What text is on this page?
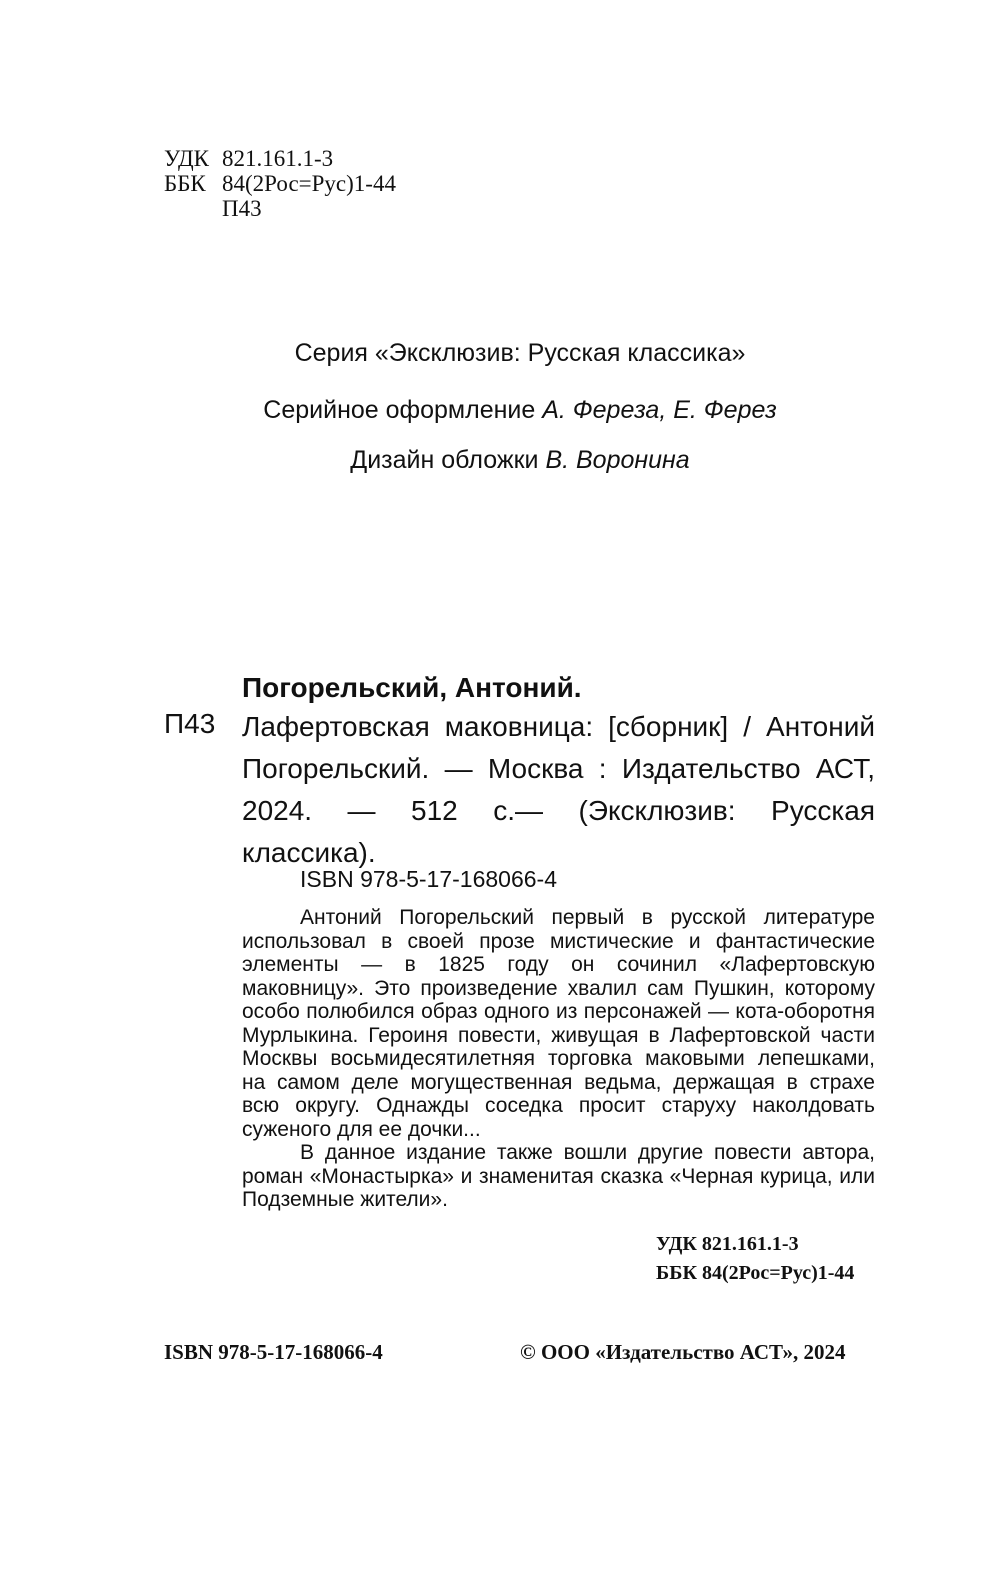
УДК 821.161.1-3
ББК 84(2Рос=Рус)1-44
П43
Серия «Эксклюзив: Русская классика»
Серийное оформление А. Фереза, Е. Ферез
Дизайн обложки В. Воронина
Погорельский, Антоний.
П43 Лафертовская маковница: [сборник] / Антоний Погорельский. — Москва : Издательство АСТ, 2024. — 512 с.— (Эксклюзив: Русская
классика).
ISBN 978-5-17-168066-4

Антоний Погорельский первый в русской литературе использовал в своей прозе мистические и фантастические элементы — в 1825 году он сочинил «Лафертовскую маковницу». Это произведение хвалил сам Пушкин, которому особо полюбился образ одного из персонажей — кота-оборотня Мурлыкина. Героиня повести, живущая в Лафертовской части Москвы восьмидесятилетняя торговка маковыми лепешками, на самом деле могущественная ведьма, держащая в страхе всю округу. Однажды соседка просит старуху наколдовать суженого для ее дочки...

В данное издание также вошли другие повести автора, роман «Монастырка» и знаменитая сказка «Черная курица, или Подземные жители».

УДК 821.161.1-3
ББК 84(2Рос=Рус)1-44
ISBN 978-5-17-168066-4	© ООО «Издательство АСТ», 2024
